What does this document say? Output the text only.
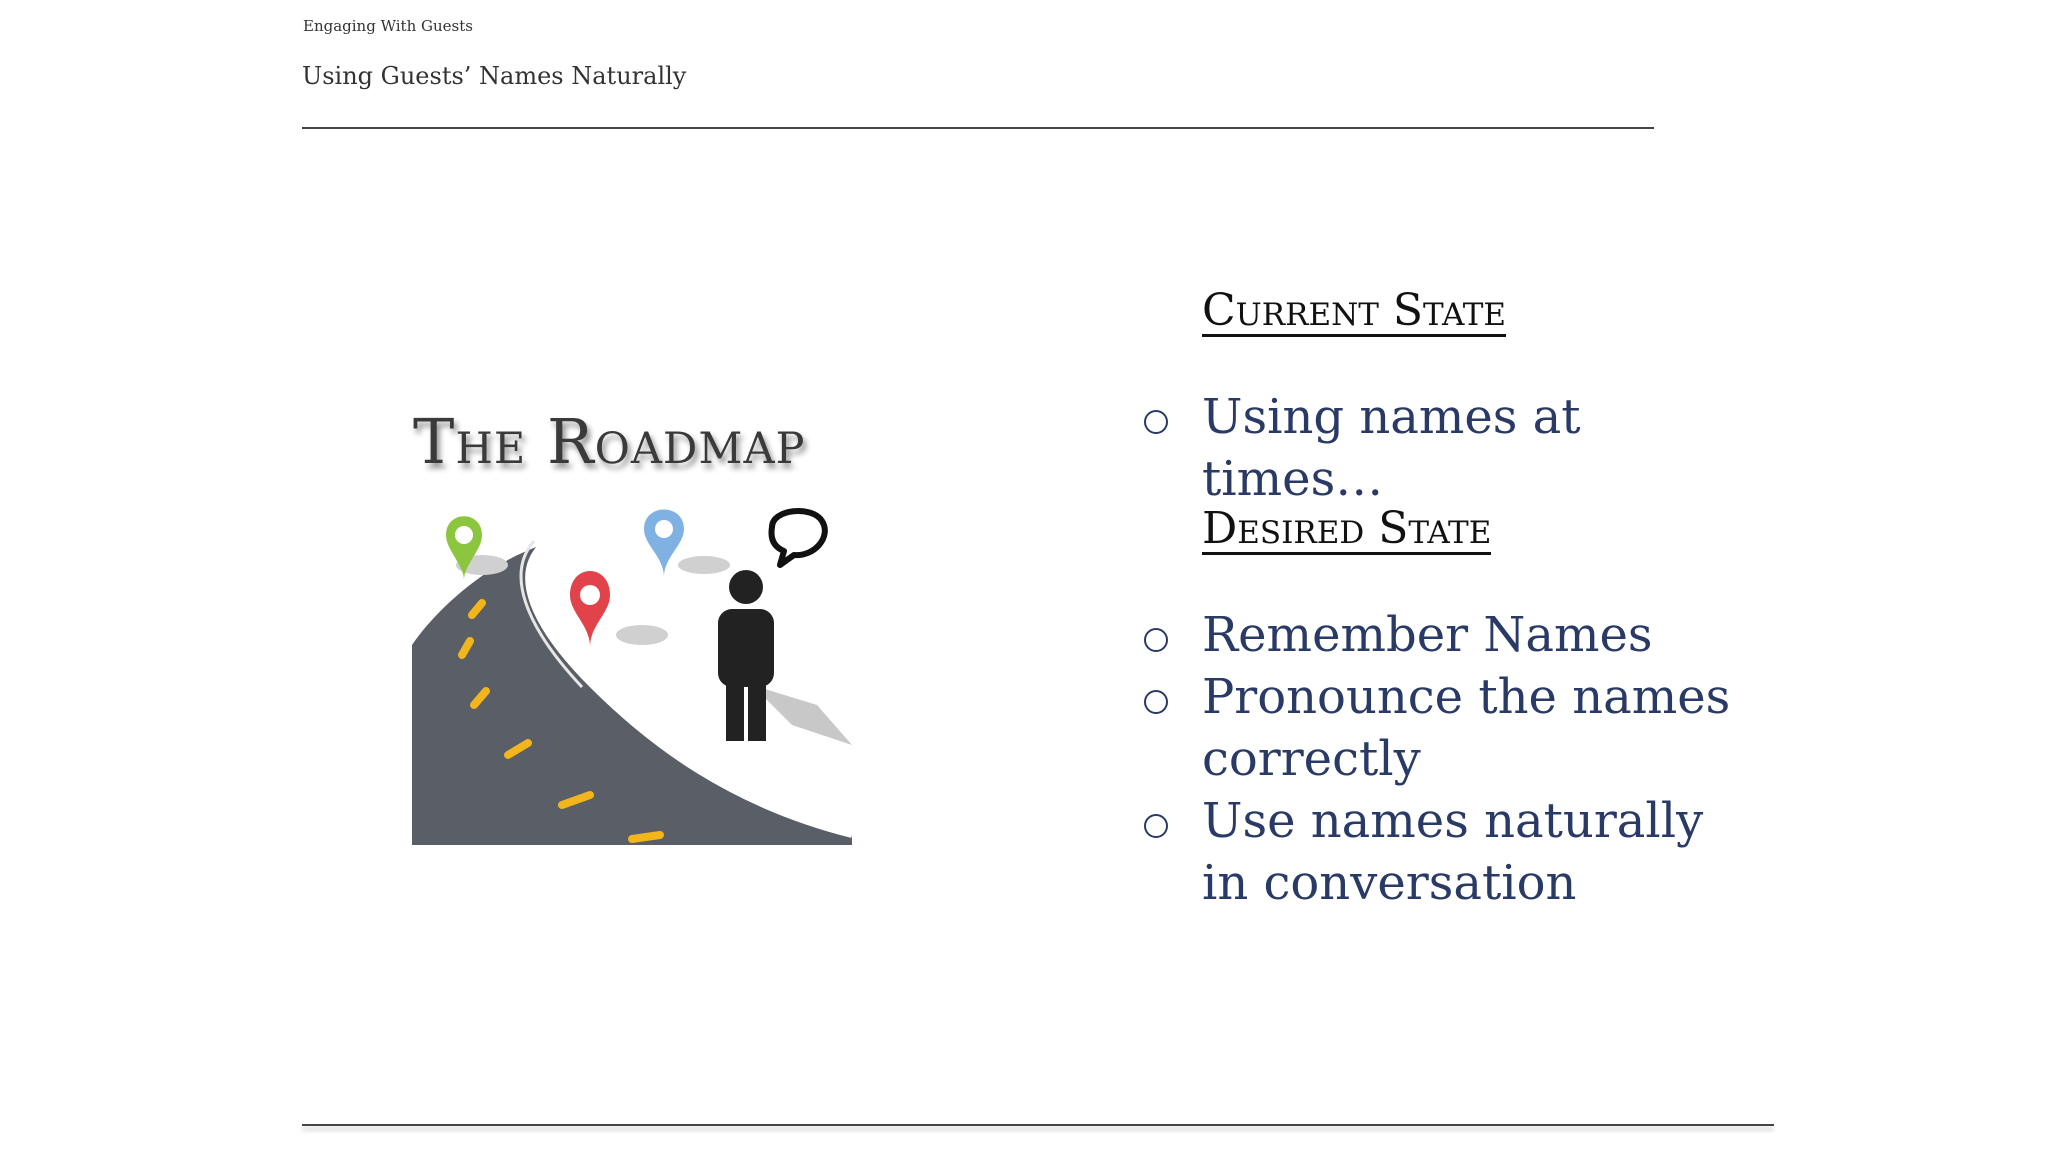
Engaging With Guests
Using Guests’ Names Naturally
The Roadmap
Current State
Using names at times…
Desired State
Remember Names
Pronounce the names correctly
Use names naturally in conversation
